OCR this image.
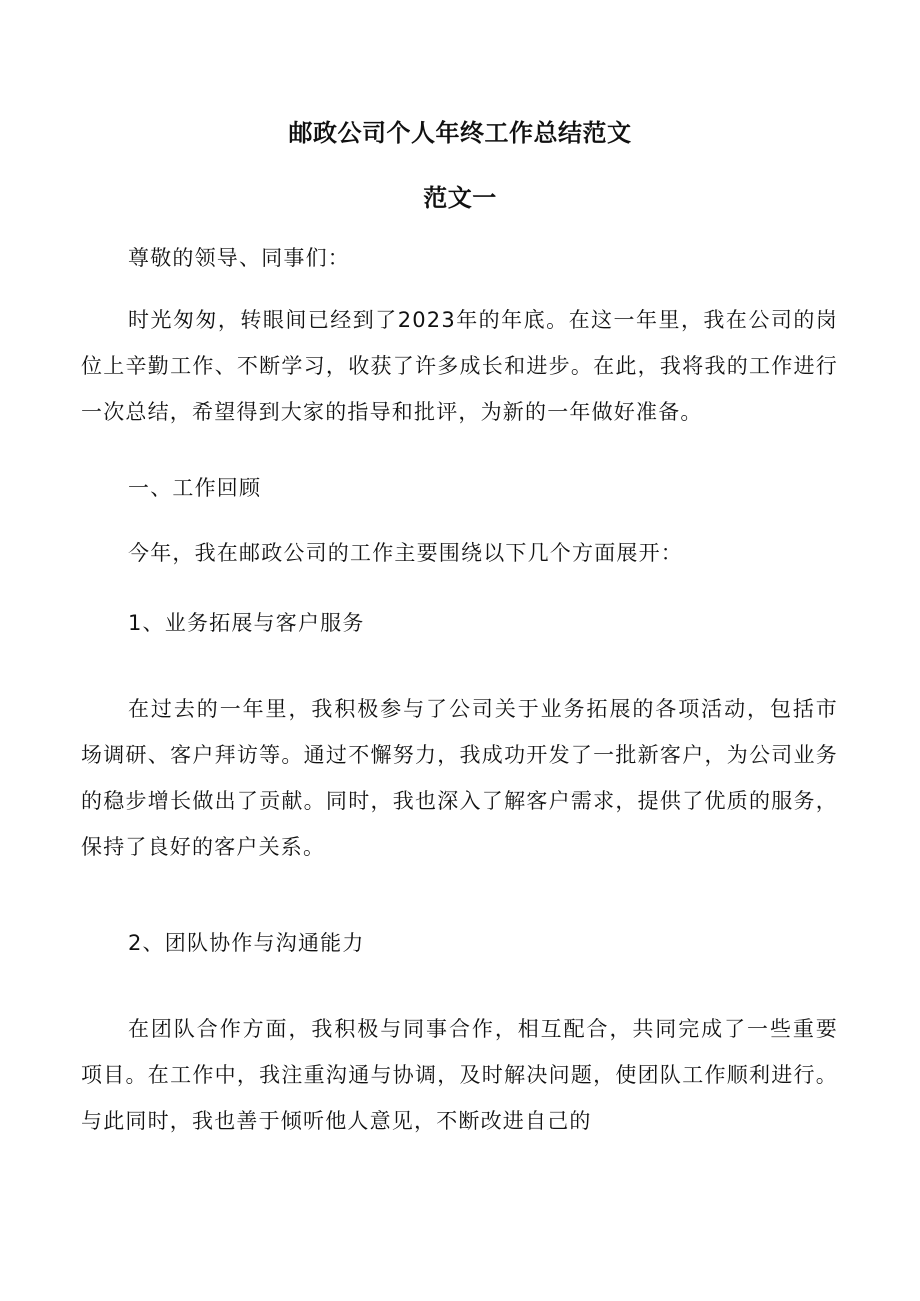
邮政公司个人年终工作总结范文
范文一

尊敬的领导、同事们：

时光匆匆，转眼间已经到了2023年的年底。在这一年里，我在公司的岗位上辛勤工作、不断学习，收获了许多成长和进步。在此，我将我的工作进行一次总结，希望得到大家的指导和批评，为新的一年做好准备。

一、工作回顾

今年，我在邮政公司的工作主要围绕以下几个方面展开：

1、业务拓展与客户服务

在过去的一年里，我积极参与了公司关于业务拓展的各项活动，包括市场调研、客户拜访等。通过不懈努力，我成功开发了一批新客户，为公司业务的稳步增长做出了贡献。同时，我也深入了解客户需求，提供了优质的服务，保持了良好的客户关系。

2、团队协作与沟通能力

在团队合作方面，我积极与同事合作，相互配合，共同完成了一些重要项目。在工作中，我注重沟通与协调，及时解决问题，使团队工作顺利进行。与此同时，我也善于倾听他人意见，不断改进自己的
